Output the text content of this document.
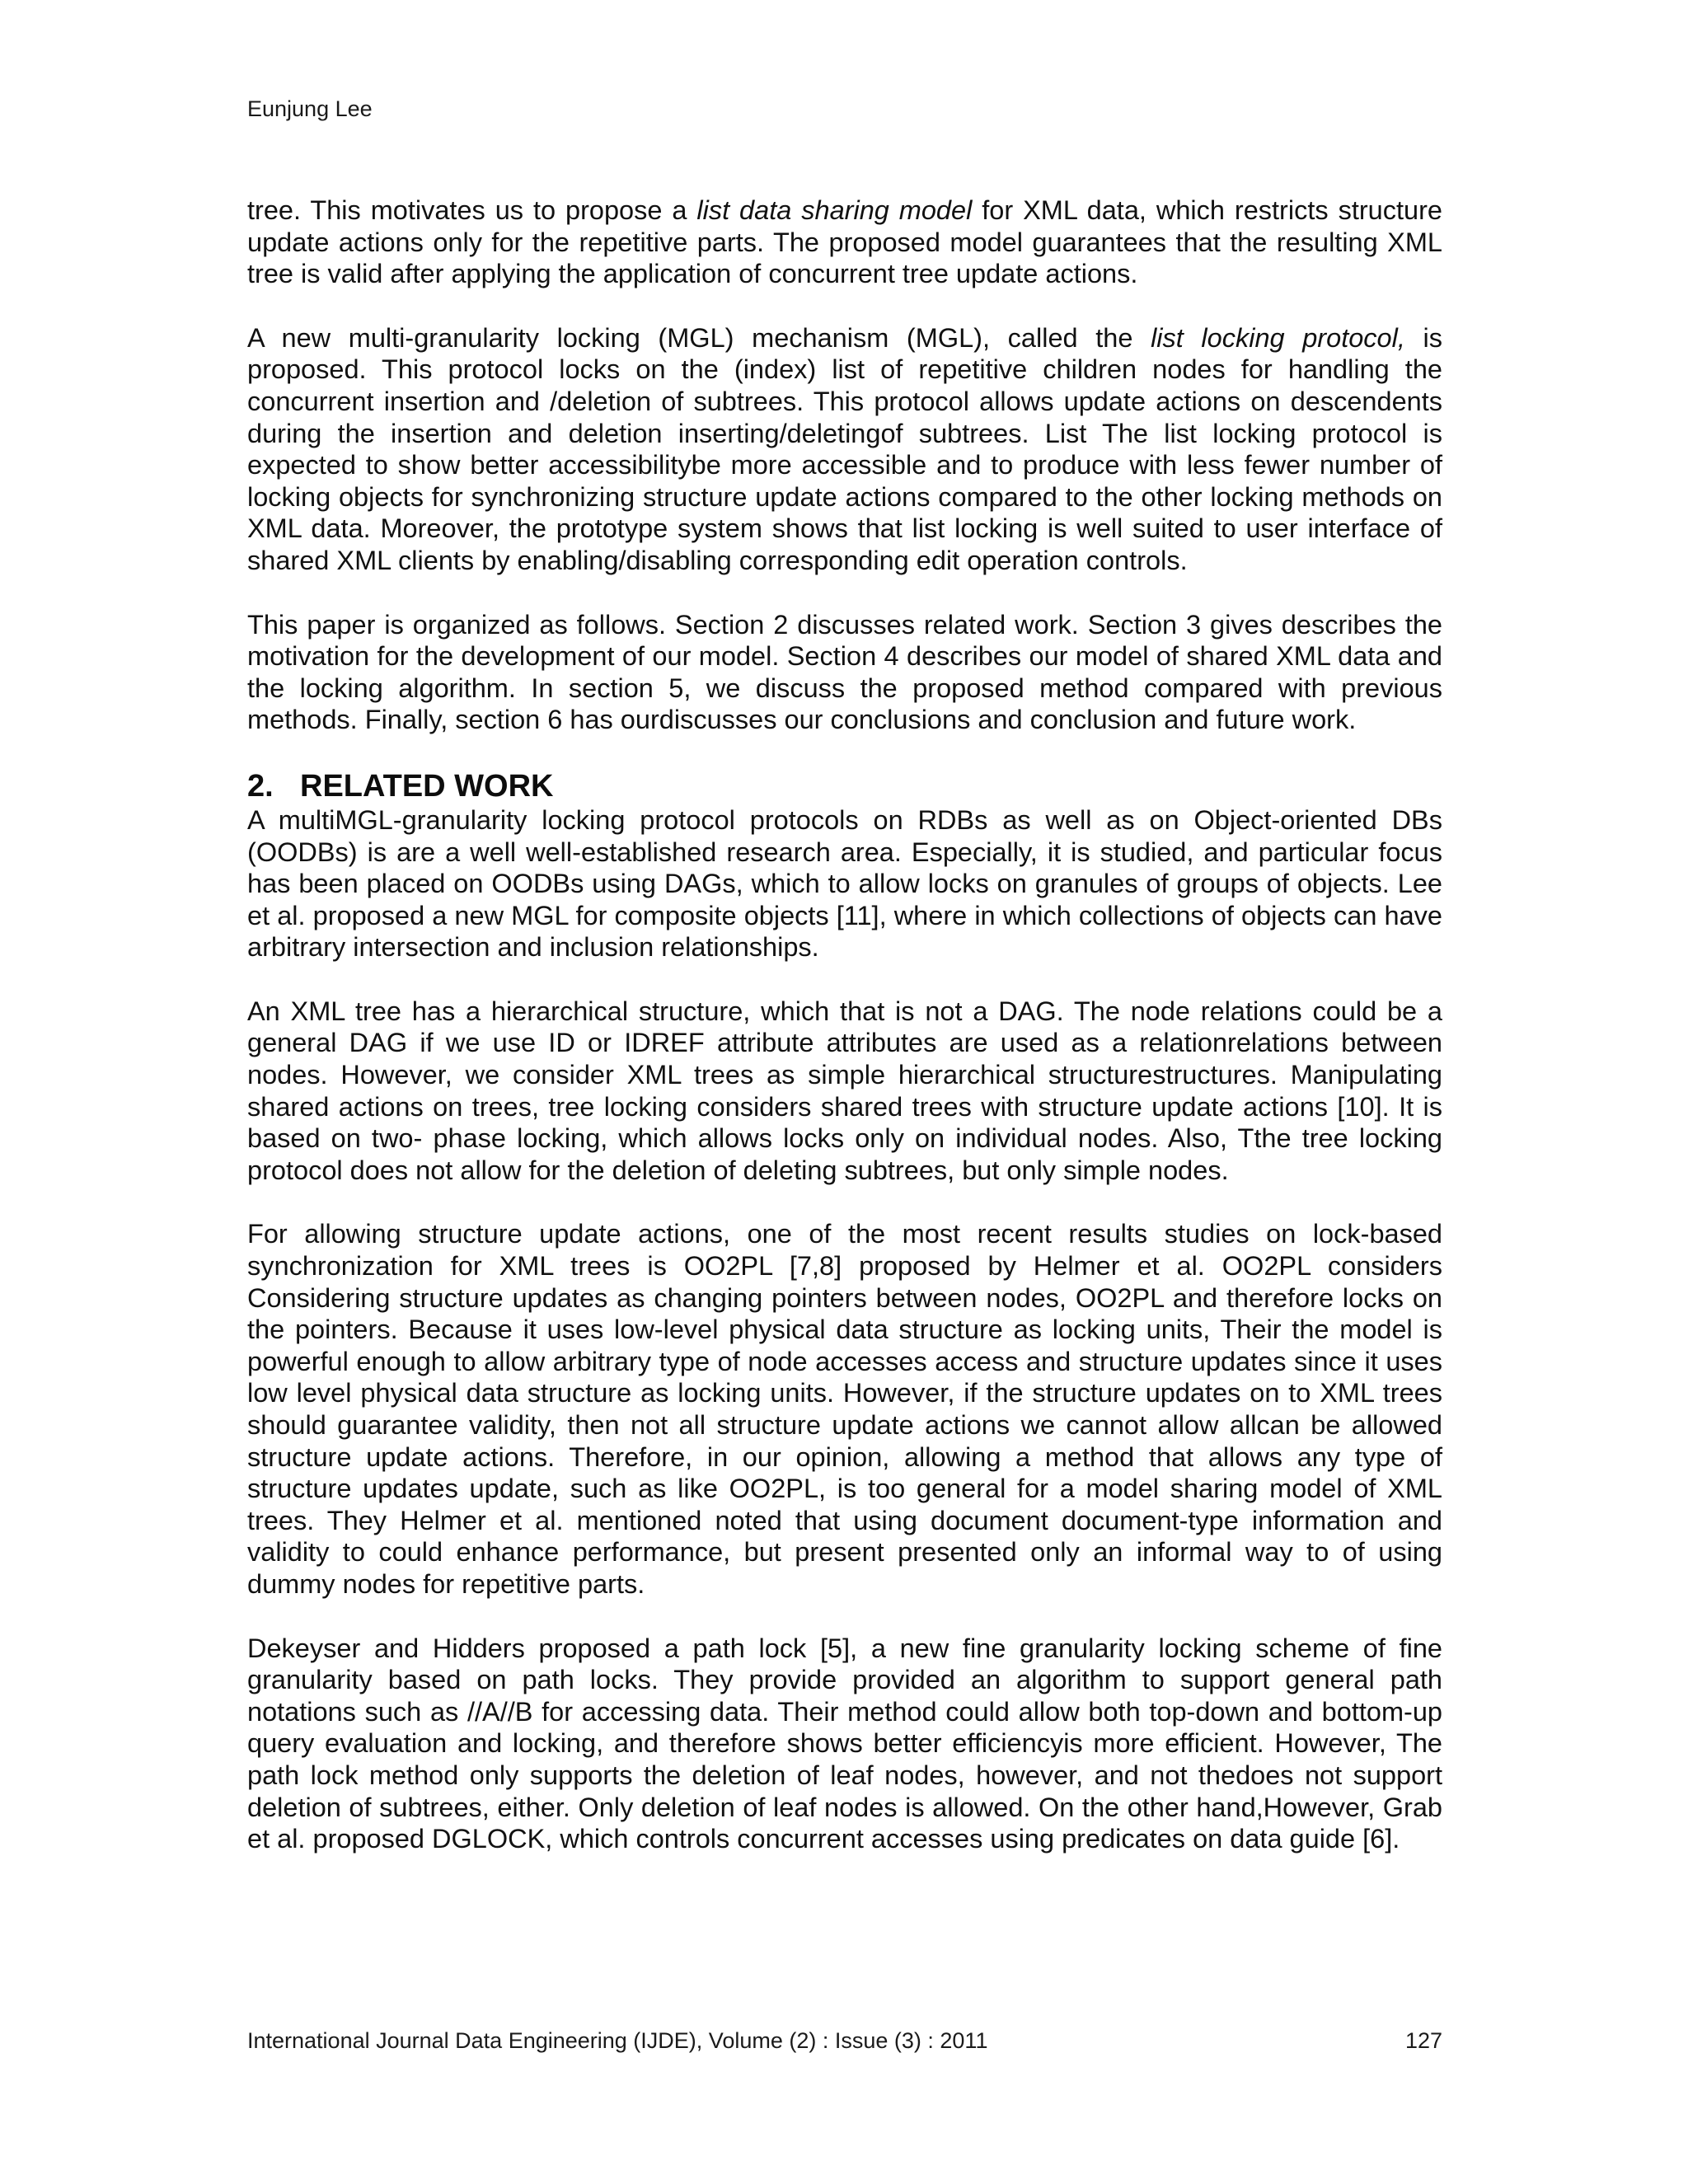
Eunjung Lee

tree. This motivates us to propose a list data sharing model for XML data, which restricts structure update actions only for the repetitive parts. The proposed model guarantees that the resulting XML tree is valid after applying the application of concurrent tree update actions.

A new multi-granularity locking (MGL) mechanism (MGL), called the list locking protocol, is proposed. This protocol locks on the (index) list of repetitive children nodes for handling the concurrent insertion and /deletion of subtrees. This protocol allows update actions on descendents during the insertion and deletion inserting/deletingof subtrees. List The list locking protocol is expected to show better accessibilitybe more accessible and to produce with less fewer number of locking objects for synchronizing structure update actions compared to the other locking methods on XML data. Moreover, the prototype system shows that list locking is well suited to user interface of shared XML clients by enabling/disabling corresponding edit operation controls.

This paper is organized as follows. Section 2 discusses related work. Section 3 gives describes the motivation for the development of our model. Section 4 describes our model of shared XML data and the locking algorithm. In section 5, we discuss the proposed method compared with previous methods. Finally, section 6 has ourdiscusses our conclusions and conclusion and future work.

2. RELATED WORK

A multiMGL-granularity locking protocol protocols on RDBs as well as on Object-oriented DBs (OODBs) is are a well well-established research area. Especially, it is studied, and particular focus has been placed on OODBs using DAGs, which to allow locks on granules of groups of objects. Lee et al. proposed a new MGL for composite objects [11], where in which collections of objects can have arbitrary intersection and inclusion relationships.

An XML tree has a hierarchical structure, which that is not a DAG. The node relations could be a general DAG if we use ID or IDREF attribute attributes are used as a relationrelations between nodes. However, we consider XML trees as simple hierarchical structurestructures. Manipulating shared actions on trees, tree locking considers shared trees with structure update actions [10]. It is based on two- phase locking, which allows locks only on individual nodes. Also, Tthe tree locking protocol does not allow for the deletion of deleting subtrees, but only simple nodes.

For allowing structure update actions, one of the most recent results studies on lock-based synchronization for XML trees is OO2PL [7,8] proposed by Helmer et al. OO2PL considers Considering structure updates as changing pointers between nodes, OO2PL and therefore locks on the pointers. Because it uses low-level physical data structure as locking units, Their the model is powerful enough to allow arbitrary type of node accesses access and structure updates since it uses low level physical data structure as locking units. However, if the structure updates on to XML trees should guarantee validity, then not all structure update actions we cannot allow allcan be allowed structure update actions. Therefore, in our opinion, allowing a method that allows any type of structure updates update, such as like OO2PL, is too general for a model sharing model of XML trees. They Helmer et al. mentioned noted that using document document-type information and validity to could enhance performance, but present presented only an informal way to of using dummy nodes for repetitive parts.

Dekeyser and Hidders proposed a path lock [5], a new fine granularity locking scheme of fine granularity based on path locks. They provide provided an algorithm to support general path notations such as //A//B for accessing data. Their method could allow both top-down and bottom-up query evaluation and locking, and therefore shows better efficiencyis more efficient. However, The path lock method only supports the deletion of leaf nodes, however, and not thedoes not support deletion of subtrees, either. Only deletion of leaf nodes is allowed. On the other hand,However, Grab et al. proposed DGLOCK, which controls concurrent accesses using predicates on data guide [6].

International Journal Data Engineering (IJDE), Volume (2) : Issue (3) : 2011	127
